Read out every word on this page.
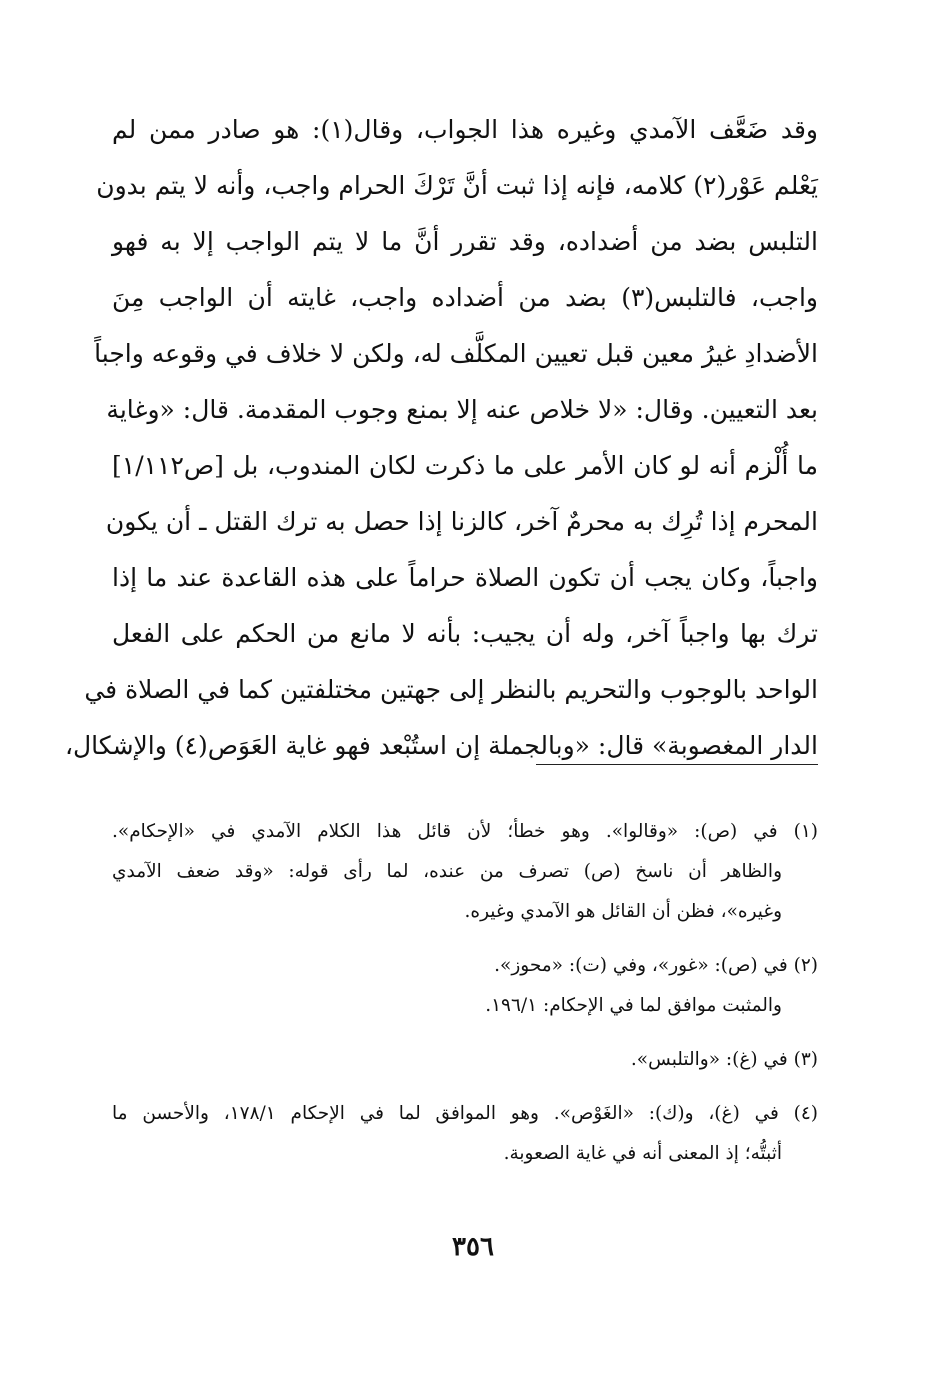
وقد ضَعَّف الآمدي وغيره هذا الجواب، وقال(١): هو صادر ممن لم
يَعْلم عَوْر(٢) كلامه، فإنه إذا ثبت أنَّ تَرْكَ الحرام واجب، وأنه لا يتم بدون
التلبس بضد من أضداده، وقد تقرر أنَّ ما لا يتم الواجب إلا به فهو
واجب، فالتلبس(٣) بضد من أضداده واجب، غايته أن الواجب مِنَ
الأضدادِ غيرُ معين قبل تعيين المكلَّف له، ولكن لا خلاف في وقوعه واجباً
بعد التعيين. وقال: «لا خلاص عنه إلا بمنع وجوب المقدمة. قال: «وغاية
ما أُلْزم أنه لو كان الأمر على ما ذكرت لكان المندوب، بل [ص١/١١٢]
المحرم إذا تُرِك به محرمٌ آخر، كالزنا إذا حصل به ترك القتل ـ أن يكون
واجباً، وكان يجب أن تكون الصلاة حراماً على هذه القاعدة عند ما إذا
ترك بها واجباً آخر، وله أن يجيب: بأنه لا مانع من الحكم على الفعل
الواحد بالوجوب والتحريم بالنظر إلى جهتين مختلفتين كما في الصلاة في
الدار المغصوبة» قال: «وبالجملة إن استُبْعد فهو غاية العَوَص(٤) والإشكال،
(١) في (ص): «وقالوا». وهو خطأ؛ لأن قائل هذا الكلام الآمدي في «الإحكام».
والظاهر أن ناسخ (ص) تصرف من عنده، لما رأى قوله: «وقد ضعف الآمدي
وغيره»، فظن أن القائل هو الآمدي وغيره.
(٢) في (ص): «غور»، وفي (ت): «محوز».
والمثبت موافق لما في الإحكام: ١٩٦/١.
(٣) في (غ): «والتلبس».
(٤) في (غ)، و(ك): «الغَوْص». وهو الموافق لما في الإحكام ١٧٨/١، والأحسن ما
أثبتُّه؛ إذ المعنى أنه في غاية الصعوبة.
٣٥٦
